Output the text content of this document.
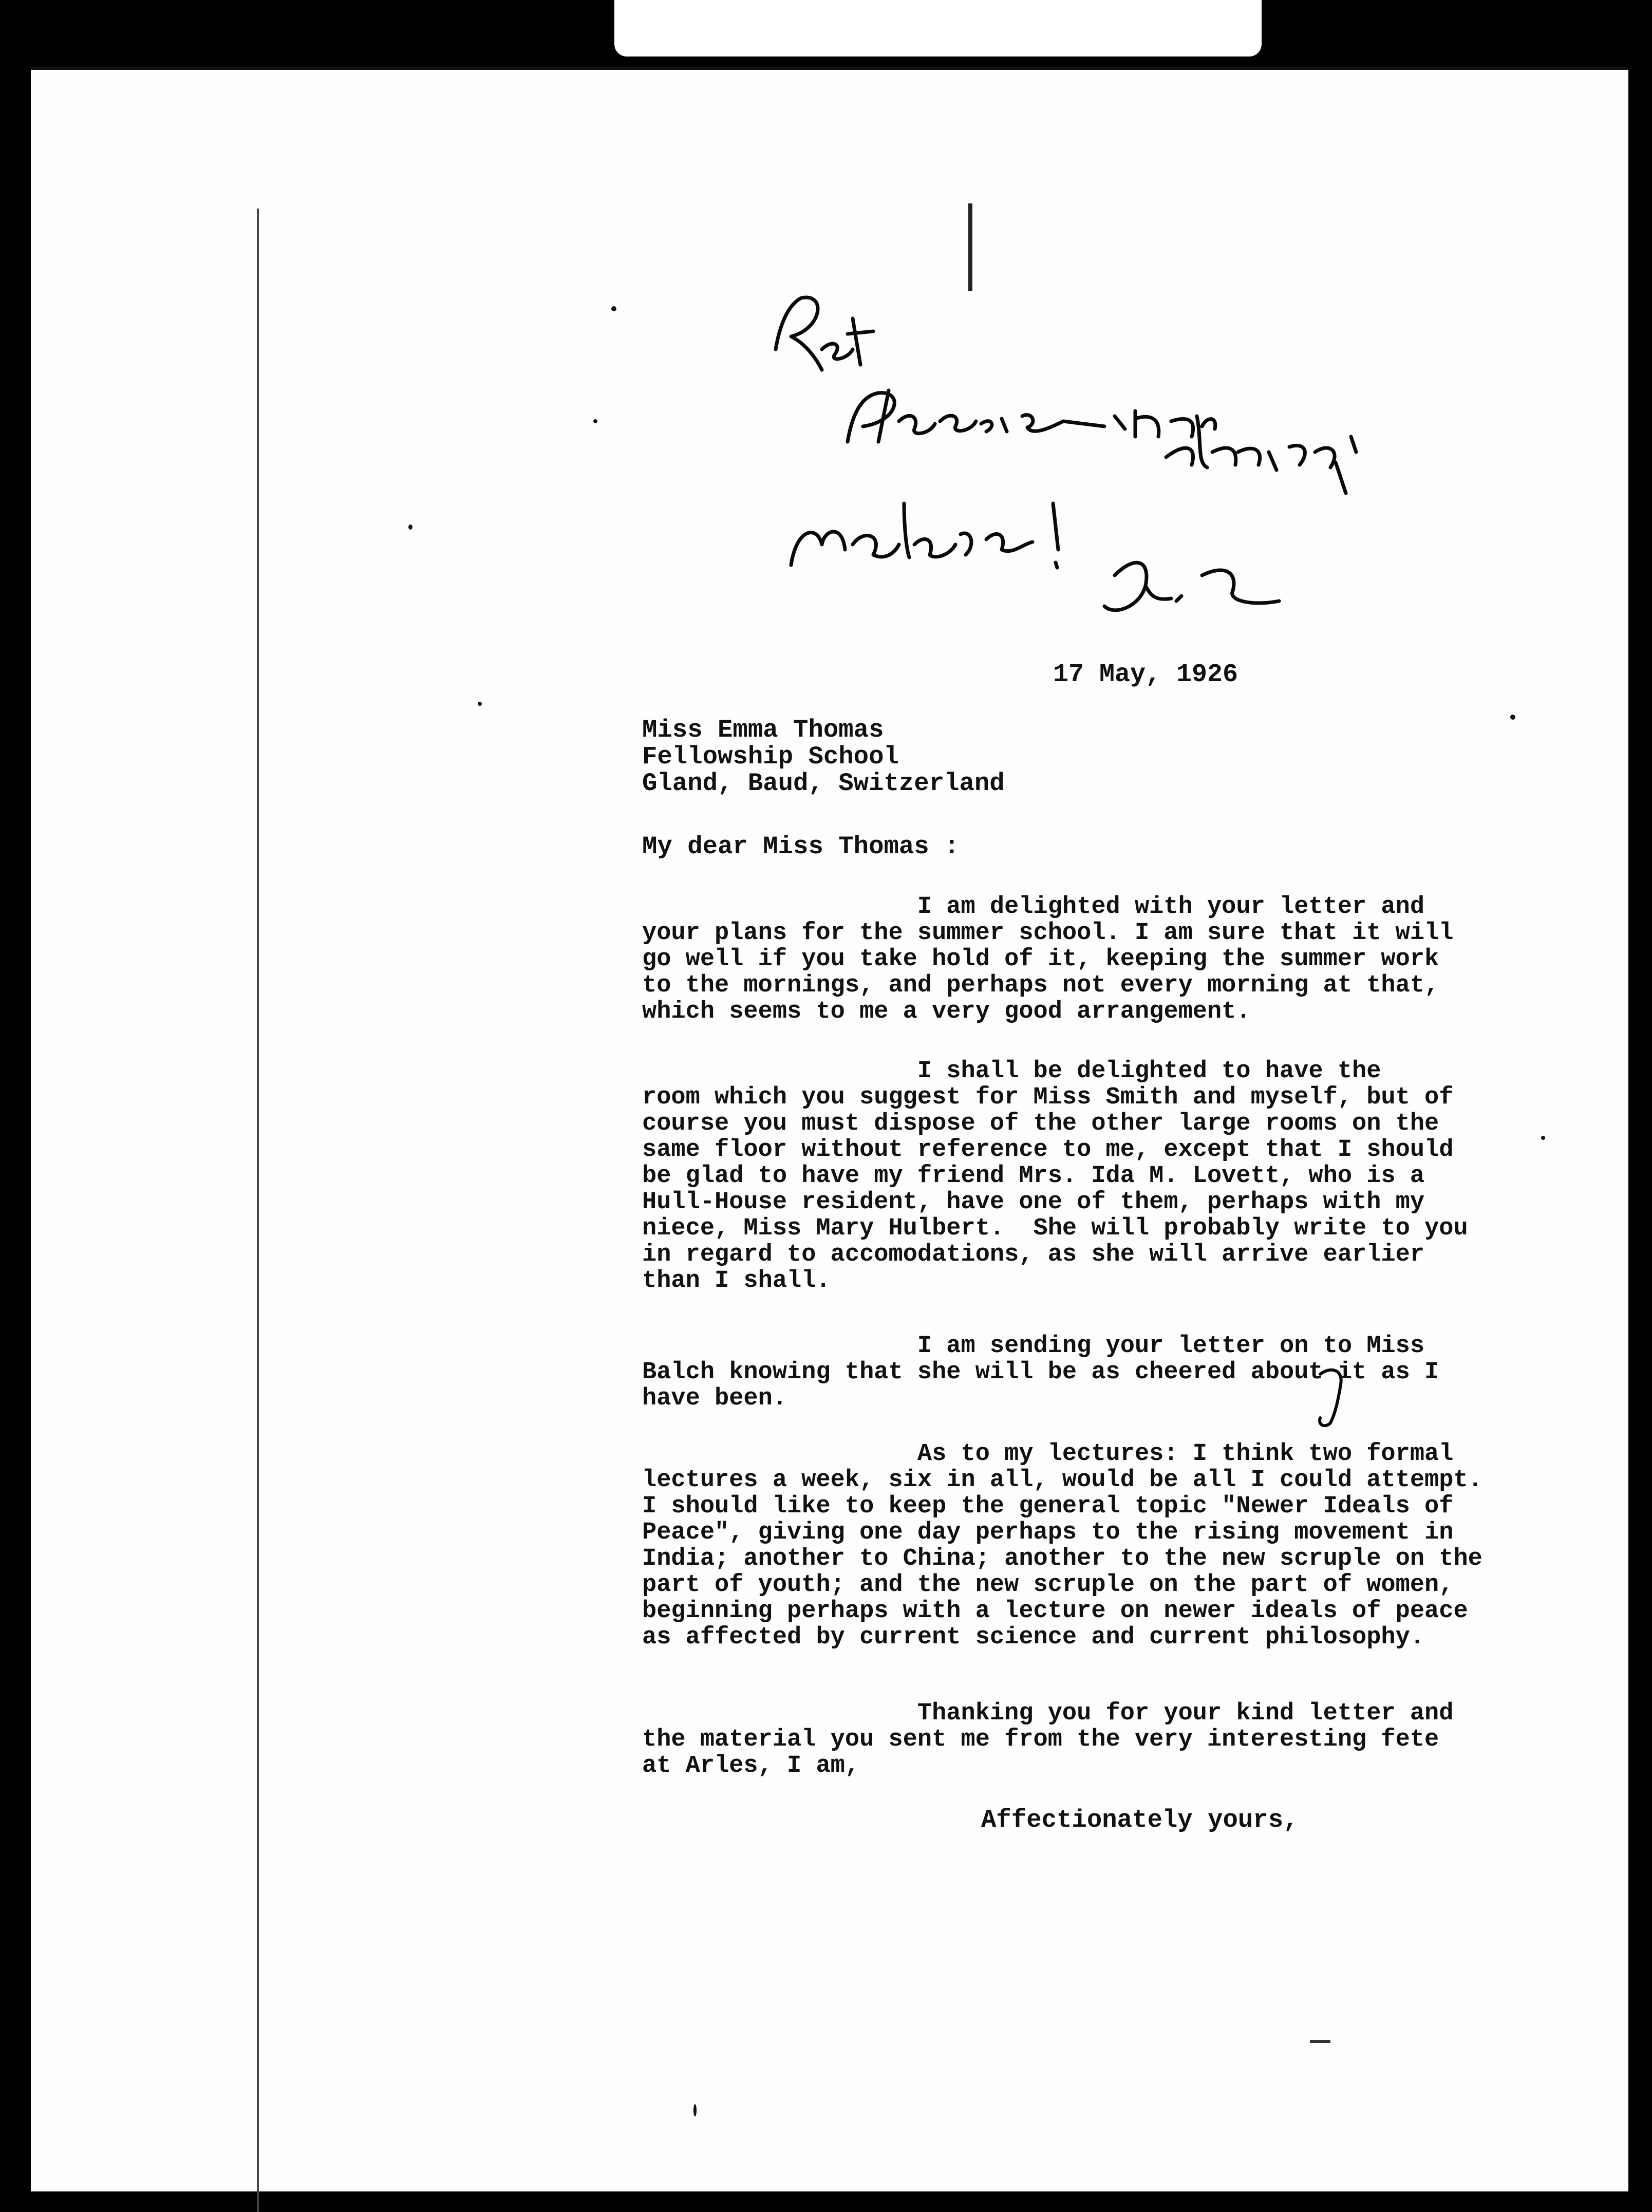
17 May, 1926
Miss Emma Thomas
Fellowship School
Gland, Baud, Switzerland
My dear Miss Thomas :
I am delighted with your letter and
your plans for the summer school. I am sure that it will
go well if you take hold of it, keeping the summer work
to the mornings, and perhaps not every morning at that,
which seems to me a very good arrangement.
I shall be delighted to have the
room which you suggest for Miss Smith and myself, but of
course you must dispose of the other large rooms on the
same floor without reference to me, except that I should
be glad to have my friend Mrs. Ida M. Lovett, who is a
Hull-House resident, have one of them, perhaps with my
niece, Miss Mary Hulbert.  She will probably write to you
in regard to accomodations, as she will arrive earlier
than I shall.
I am sending your letter on to Miss
Balch knowing that she will be as cheered about it as I
have been.
As to my lectures: I think two formal
lectures a week, six in all, would be all I could attempt.
I should like to keep the general topic "Newer Ideals of
Peace", giving one day perhaps to the rising movement in
India; another to China; another to the new scruple on the
part of youth; and the new scruple on the part of women,
beginning perhaps with a lecture on newer ideals of peace
as affected by current science and current philosophy.
Thanking you for your kind letter and
the material you sent me from the very interesting fete
at Arles, I am,
Affectionately yours,
